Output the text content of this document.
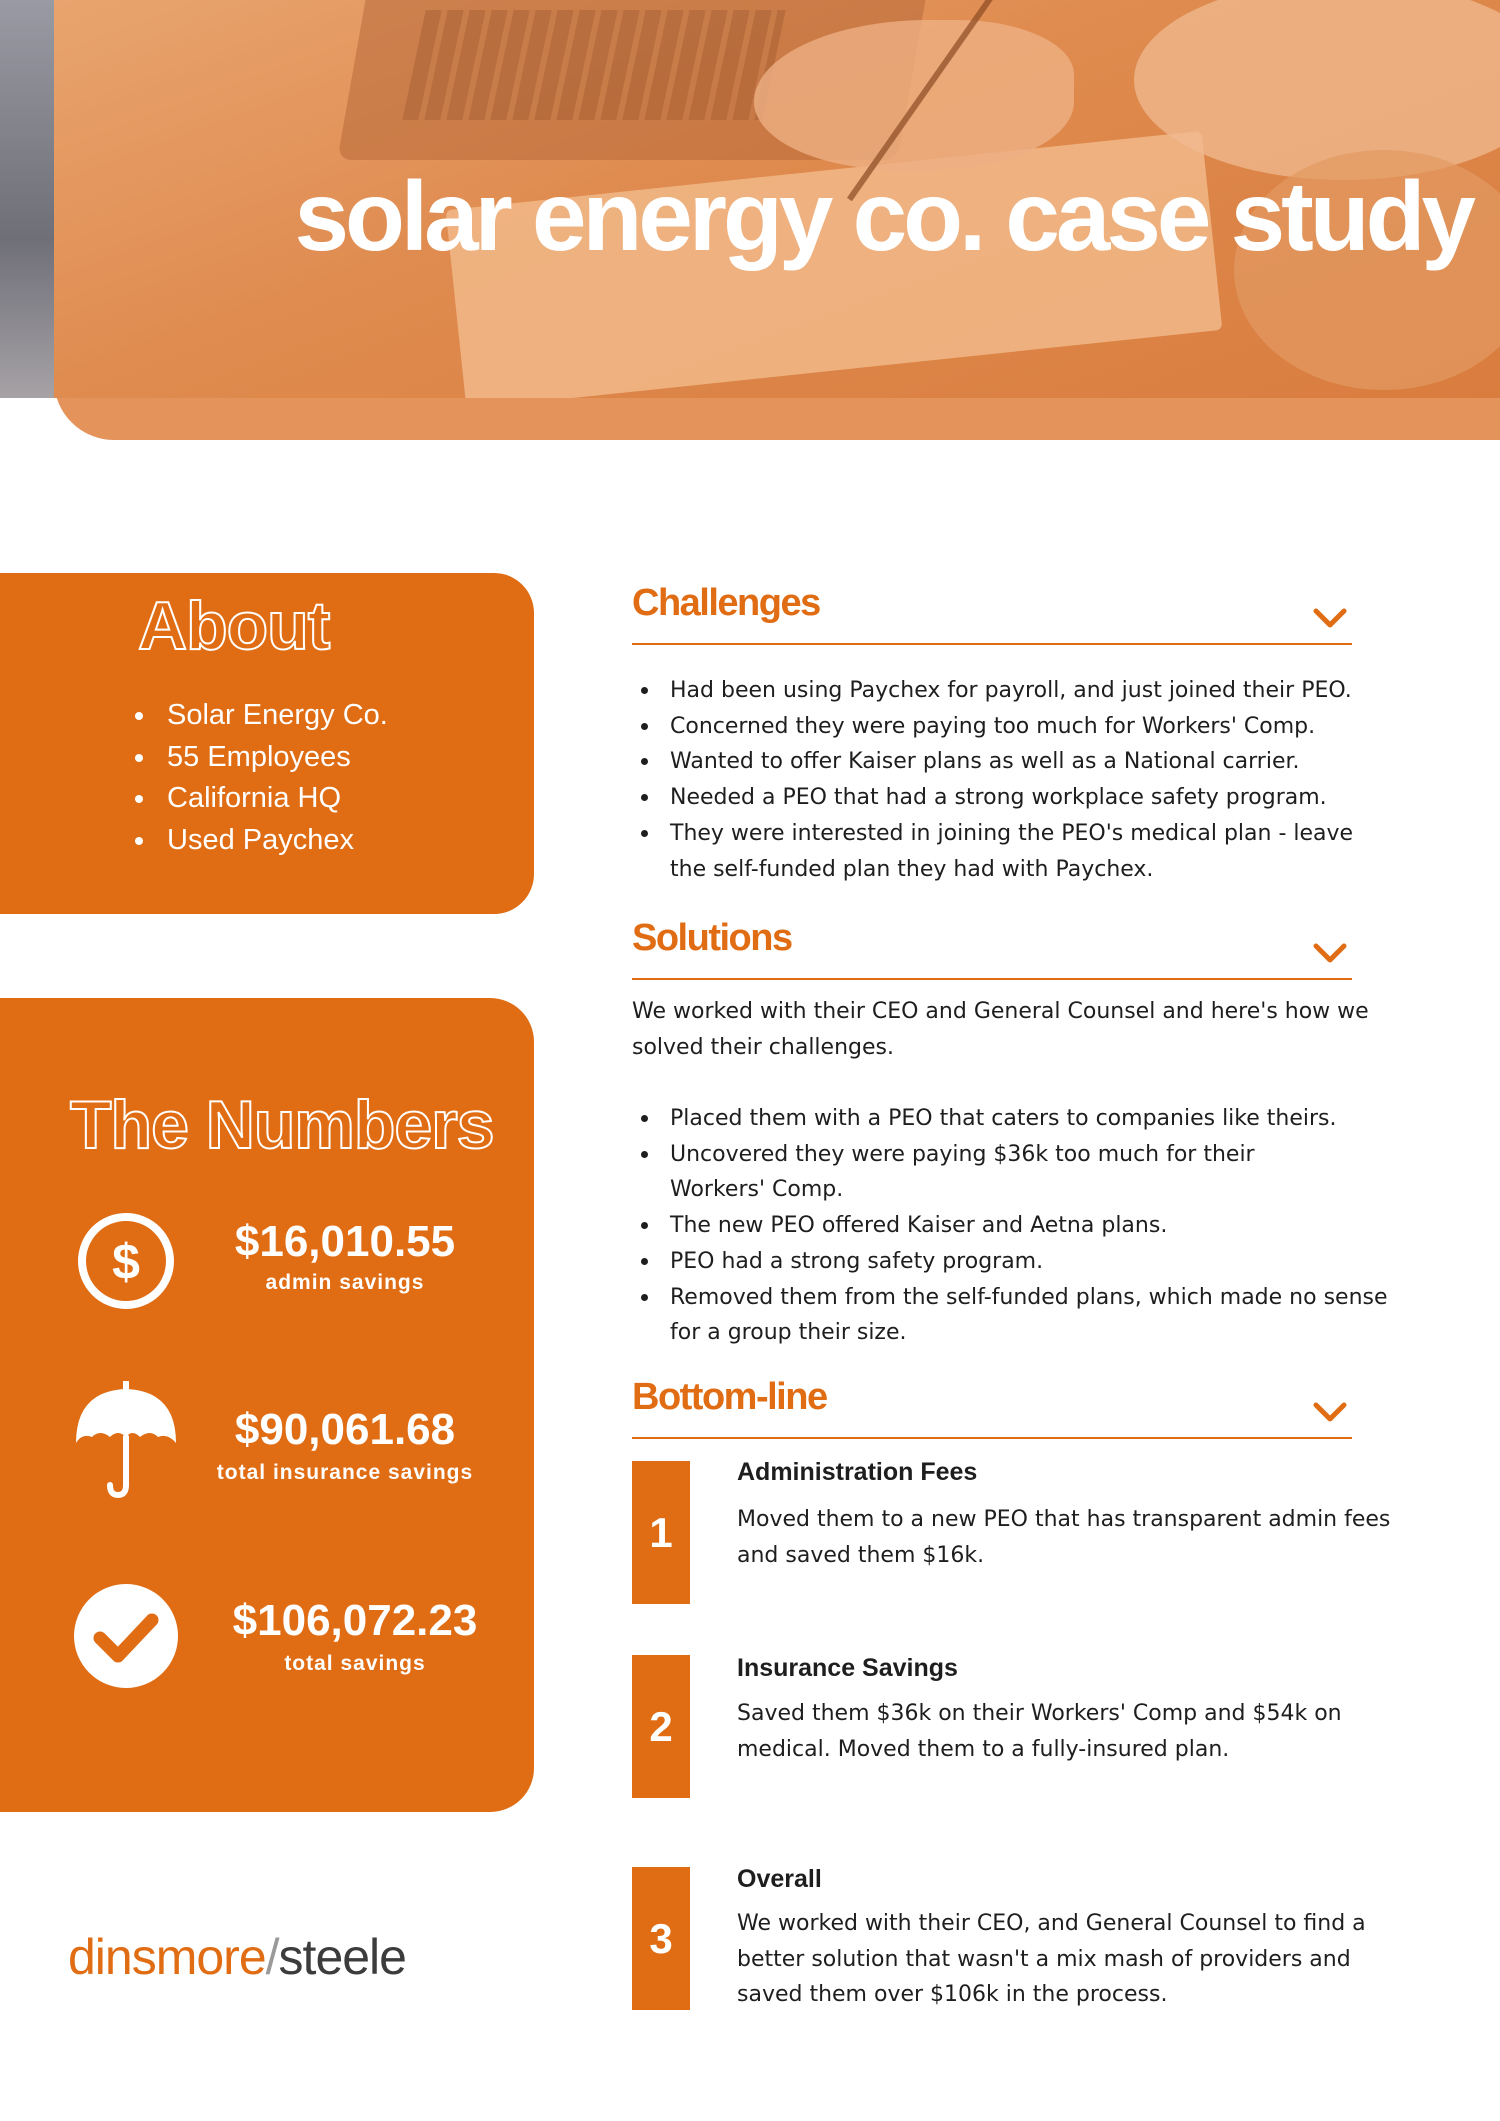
solar energy co. case study
About
Solar Energy Co.
55 Employees
California HQ
Used Paychex
The Numbers
$	$16,010.55
admin savings
$90,061.68
total insurance savings
$106,072.23
total savings
dinsmore/steele
Challenges
Had been using Paychex for payroll, and just joined their PEO.
Concerned they were paying too much for Workers' Comp.
Wanted to offer Kaiser plans as well as a National carrier.
Needed a PEO that had a strong workplace safety program.
They were interested in joining the PEO's medical plan - leave the self-funded plan they had with Paychex.
Solutions

We worked with their CEO and General Counsel and here's how we solved their challenges.

Placed them with a PEO that caters to companies like theirs.
Uncovered they were paying $36k too much for their Workers' Comp.
The new PEO offered Kaiser and Aetna plans.
PEO had a strong safety program.
Removed them from the self-funded plans, which made no sense for a group their size.
Bottom-line
1
Administration Fees

Moved them to a new PEO that has transparent admin fees and saved them $16k.

2
Insurance Savings

Saved them $36k on their Workers' Comp and $54k on medical. Moved them to a fully-insured plan.

3
Overall

We worked with their CEO, and General Counsel to find a better solution that wasn't a mix mash of providers and saved them over $106k in the process.
